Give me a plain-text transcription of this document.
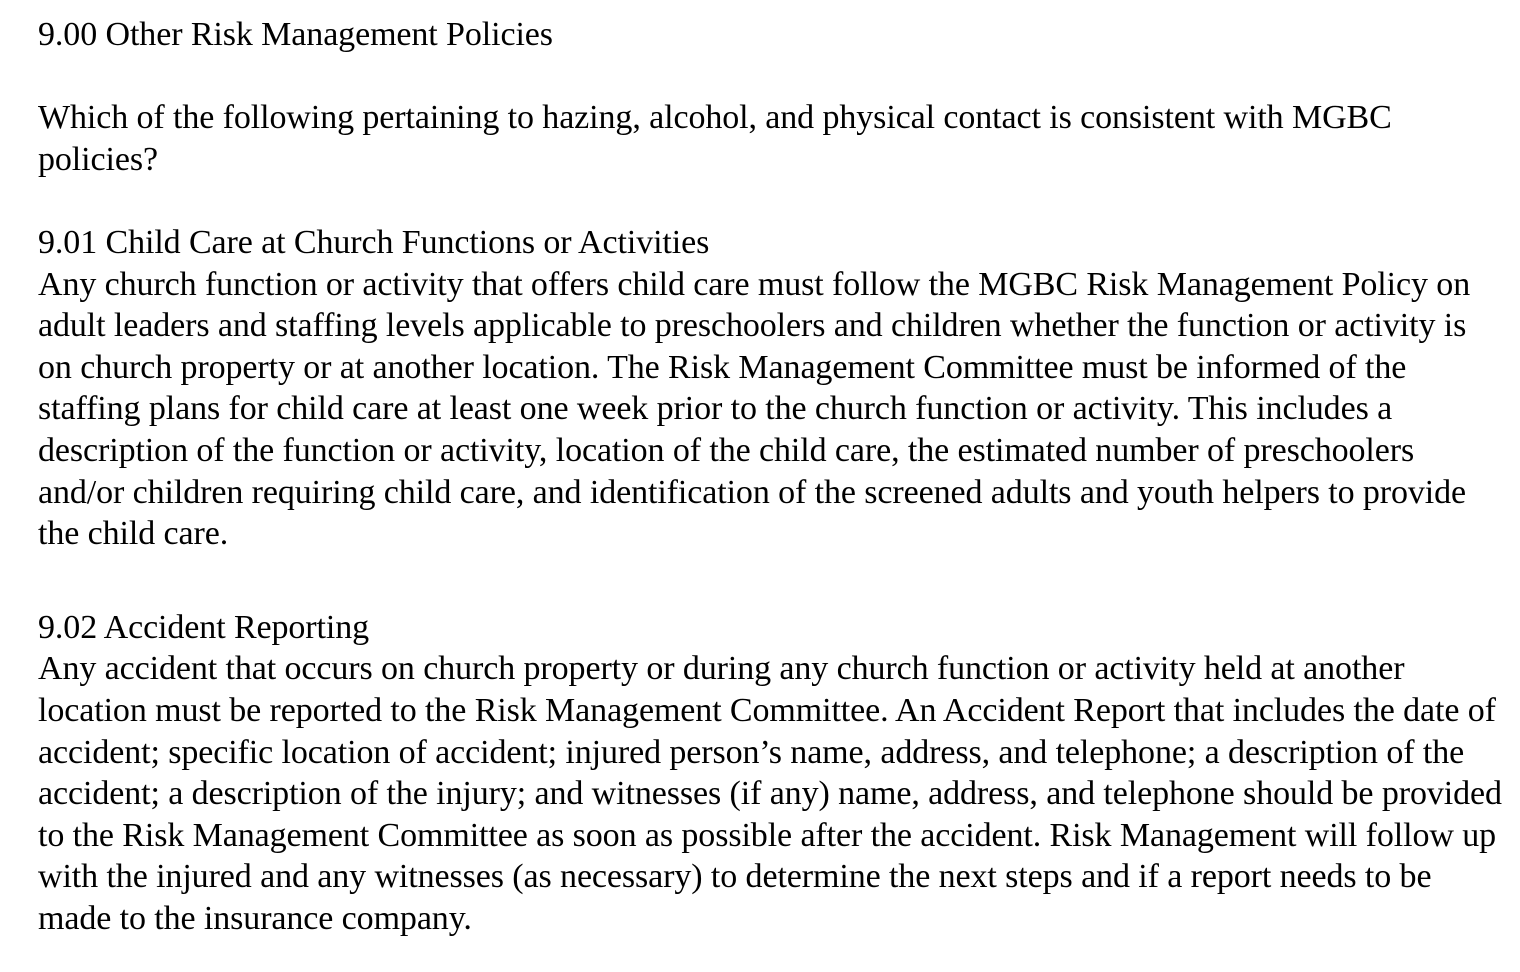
9.00 Other Risk Management Policies

Which of the following pertaining to hazing, alcohol, and physical contact is consistent with MGBC policies?

9.01 Child Care at Church Functions or Activities

Any church function or activity that offers child care must follow the MGBC Risk Management Policy on adult leaders and staffing levels applicable to preschoolers and children whether the function or activity is on church property or at another location. The Risk Management Committee must be informed of the staffing plans for child care at least one week prior to the church function or activity. This includes a description of the function or activity, location of the child care, the estimated number of preschoolers and/or children requiring child care, and identification of the screened adults and youth helpers to provide the child care.

9.02 Accident Reporting

Any accident that occurs on church property or during any church function or activity held at another location must be reported to the Risk Management Committee. An Accident Report that includes the date of accident; specific location of accident; injured person’s name, address, and telephone; a description of the accident; a description of the injury; and witnesses (if any) name, address, and telephone should be provided to the Risk Management Committee as soon as possible after the accident. Risk Management will follow up with the injured and any witnesses (as necessary) to determine the next steps and if a report needs to be made to the insurance company.
